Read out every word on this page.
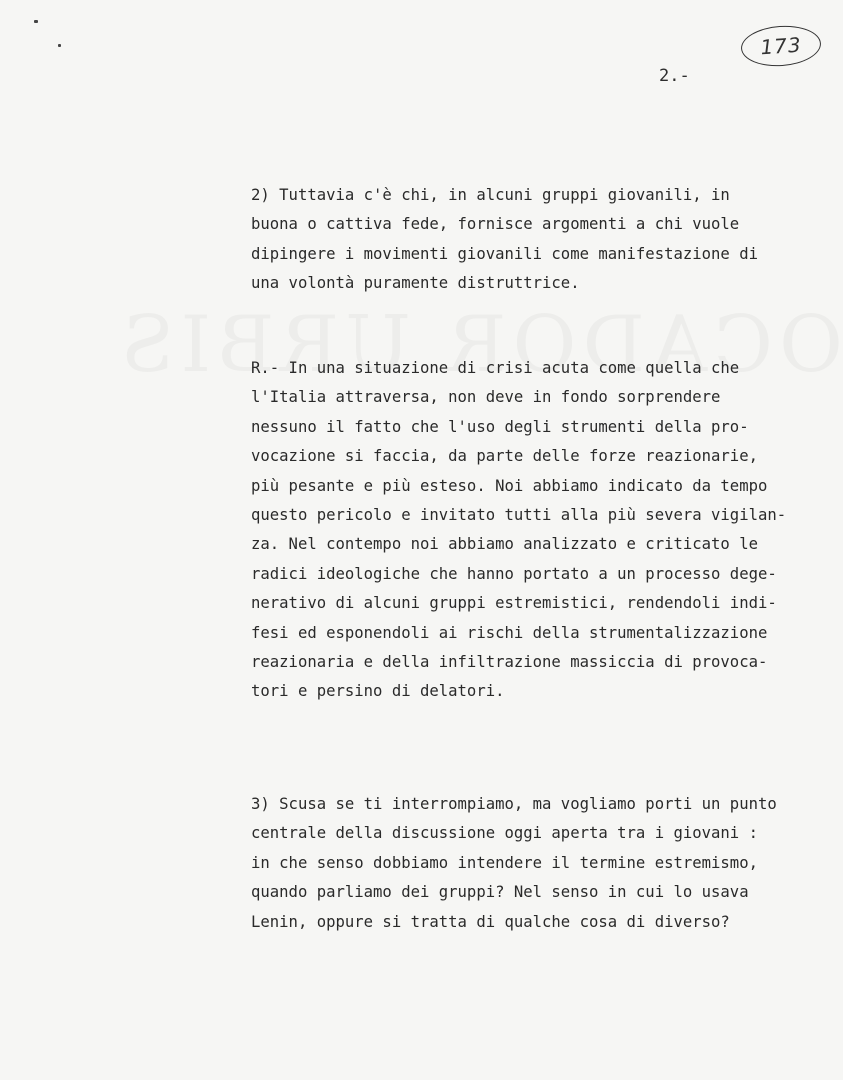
173
2.-
2) Tuttavia c'è chi, in alcuni gruppi giovanili, in
buona o cattiva fede, fornisce argomenti a chi vuole
dipingere i movimenti giovanili come manifestazione di
una volontà puramente distruttrice.
R.- In una situazione di crisi acuta come quella che
l'Italia attraversa, non deve in fondo sorprendere
nessuno il fatto che l'uso degli strumenti della pro-
vocazione si faccia, da parte delle forze reazionarie,
più pesante e più esteso. Noi abbiamo indicato da tempo
questo pericolo e invitato tutti alla più severa vigilan-
za. Nel contempo noi abbiamo analizzato e criticato le
radici ideologiche che hanno portato a un processo dege-
nerativo di alcuni gruppi estremistici, rendendoli indi-
fesi ed esponendoli ai rischi della strumentalizzazione
reazionaria e della infiltrazione massiccia di provoca-
tori e persino di delatori.
3) Scusa se ti interrompiamo, ma vogliamo porti un punto
centrale della discussione oggi aperta tra i giovani :
in che senso dobbiamo intendere il termine estremismo,
quando parliamo dei gruppi? Nel senso in cui lo usava
Lenin, oppure si tratta di qualche cosa di diverso?
